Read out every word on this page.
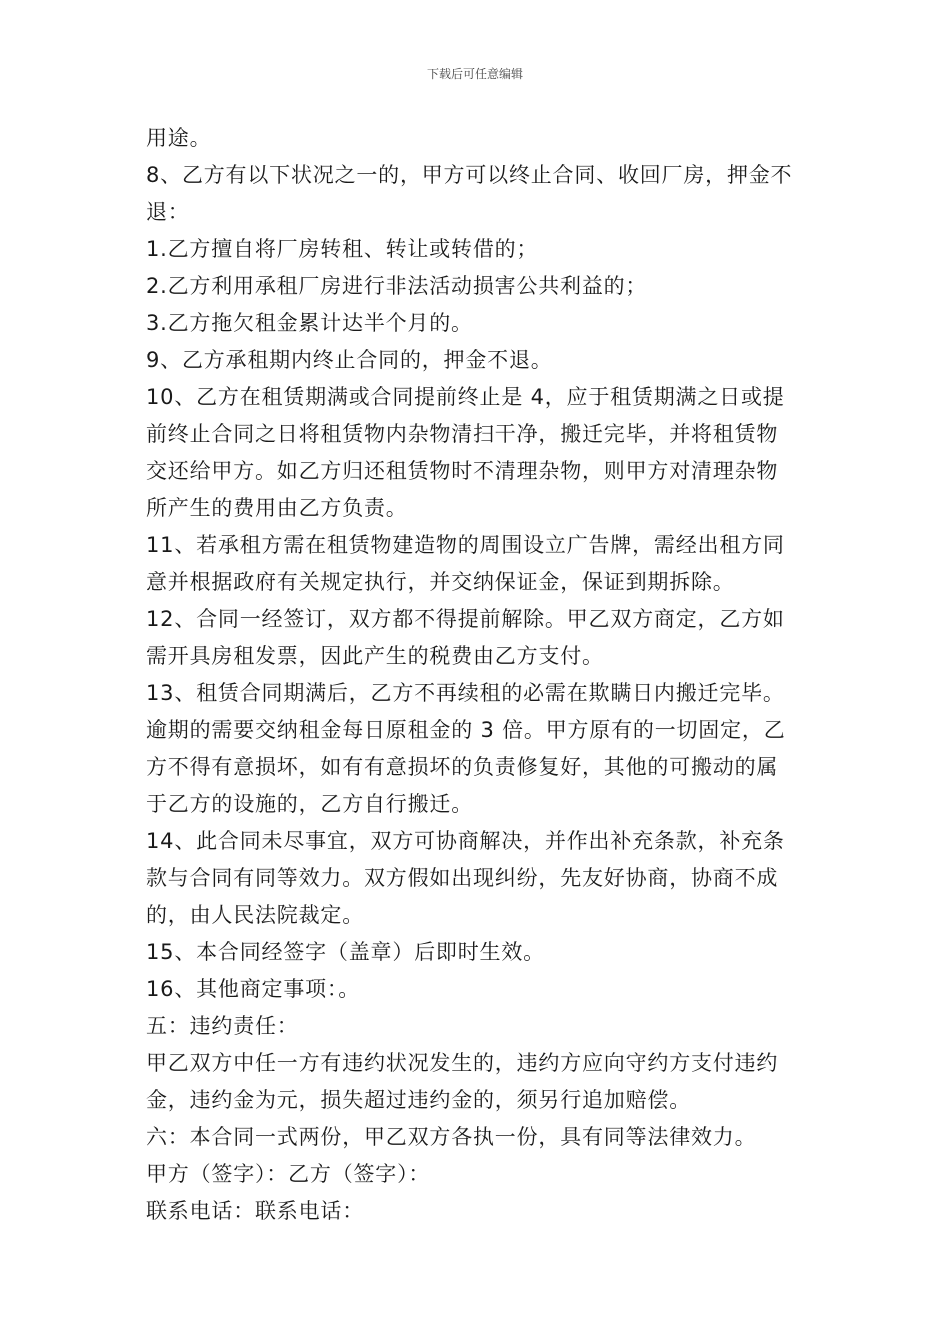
下载后可任意编辑
用途。
8、乙方有以下状况之一的，甲方可以终止合同、收回厂房，押金不
退：
1.乙方擅自将厂房转租、转让或转借的；
2.乙方利用承租厂房进行非法活动损害公共利益的；
3.乙方拖欠租金累计达半个月的。
9、乙方承租期内终止合同的，押金不退。
10、乙方在租赁期满或合同提前终止是 4，应于租赁期满之日或提
前终止合同之日将租赁物内杂物清扫干净，搬迁完毕，并将租赁物
交还给甲方。如乙方归还租赁物时不清理杂物，则甲方对清理杂物
所产生的费用由乙方负责。
11、若承租方需在租赁物建造物的周围设立广告牌，需经出租方同
意并根据政府有关规定执行，并交纳保证金，保证到期拆除。
12、合同一经签订，双方都不得提前解除。甲乙双方商定，乙方如
需开具房租发票，因此产生的税费由乙方支付。
13、租赁合同期满后，乙方不再续租的必需在欺瞒日内搬迁完毕。
逾期的需要交纳租金每日原租金的 3 倍。甲方原有的一切固定，乙
方不得有意损坏，如有有意损坏的负责修复好，其他的可搬动的属
于乙方的设施的，乙方自行搬迁。
14、此合同未尽事宜，双方可协商解决，并作出补充条款，补充条
款与合同有同等效力。双方假如出现纠纷，先友好协商，协商不成
的，由人民法院裁定。
15、本合同经签字（盖章）后即时生效。
16、其他商定事项：。
五：违约责任：
甲乙双方中任一方有违约状况发生的，违约方应向守约方支付违约
金，违约金为元，损失超过违约金的，须另行追加赔偿。
六：本合同一式两份，甲乙双方各执一份，具有同等法律效力。
甲方（签字）：乙方（签字）：
联系电话：联系电话：
